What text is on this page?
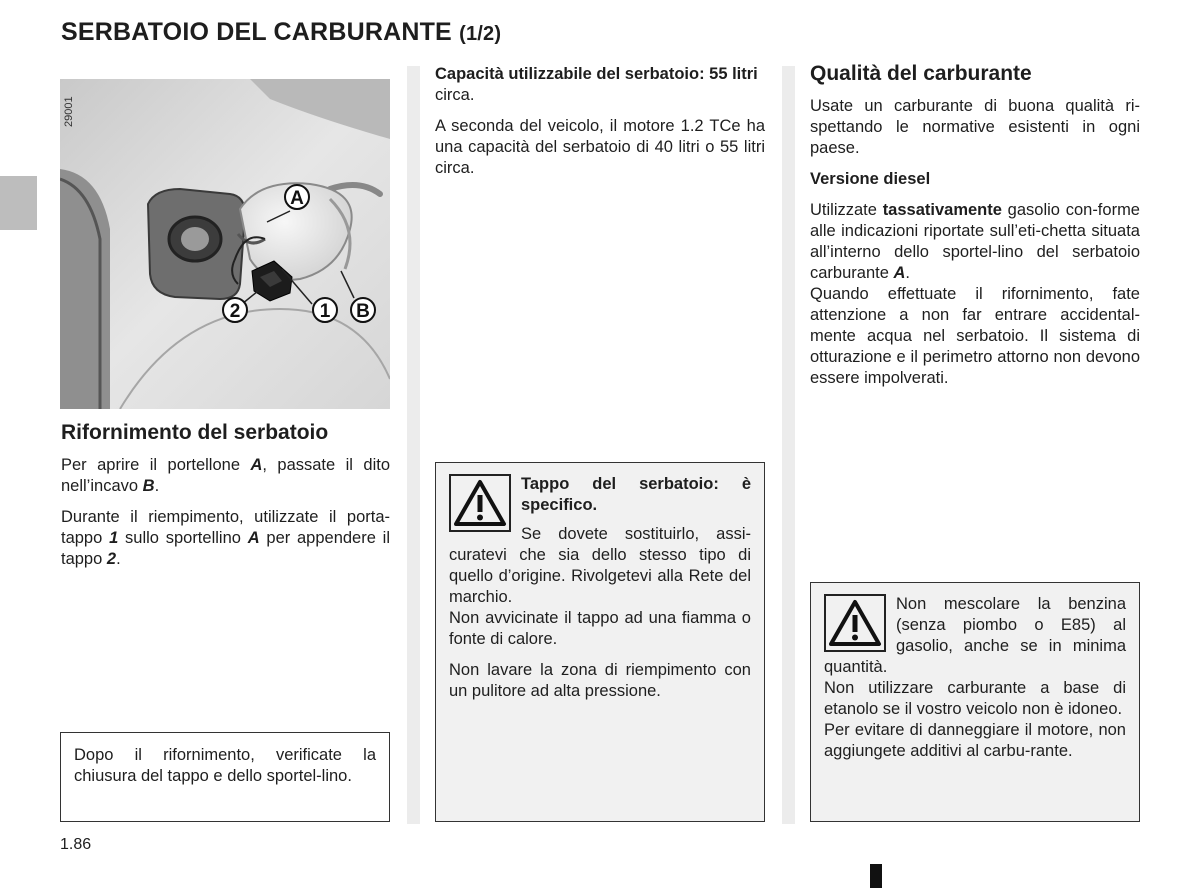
SERBATOIO DEL CARBURANTE (1/2)
A
2	1 B
29001
Rifornimento del serbatoio

Per aprire il portellone A, passate il dito nell’incavo B.

Durante il riempimento, utilizzate il porta-tappo 1 sullo sportellino A per appendere il tappo 2.

Dopo il rifornimento, verificate la chiusura del tappo e dello sportel-lino.

Capacità utilizzabile del serbatoio: 55 litri circa.

A seconda del veicolo, il motore 1.2 TCe ha una capacità del serbatoio di 40 litri o 55 litri circa.

Tappo del serbatoio: è specifico.

Se dovete sostituirlo, assi-curatevi che sia dello stesso tipo di quello d’origine. Rivolgetevi alla Rete del marchio.

Non avvicinate il tappo ad una fiamma o fonte di calore.

Non lavare la zona di riempimento con un pulitore ad alta pressione.

Qualità del carburante

Usate un carburante di buona qualità ri-spettando le normative esistenti in ogni paese.

Versione diesel

Utilizzate tassativamente gasolio con-forme alle indicazioni riportate sull’eti-chetta situata all’interno dello sportel-lino del serbatoio carburante A.

Quando effettuate il rifornimento, fate attenzione a non far entrare accidental-mente acqua nel serbatoio. Il sistema di otturazione e il perimetro attorno non devono essere impolverati.

Non mescolare la benzina (senza piombo o E85) al gasolio, anche se in minima quantità.

Non utilizzare carburante a base di etanolo se il vostro veicolo non è idoneo.

Per evitare di danneggiare il motore, non aggiungete additivi al carbu-rante.

1.86
